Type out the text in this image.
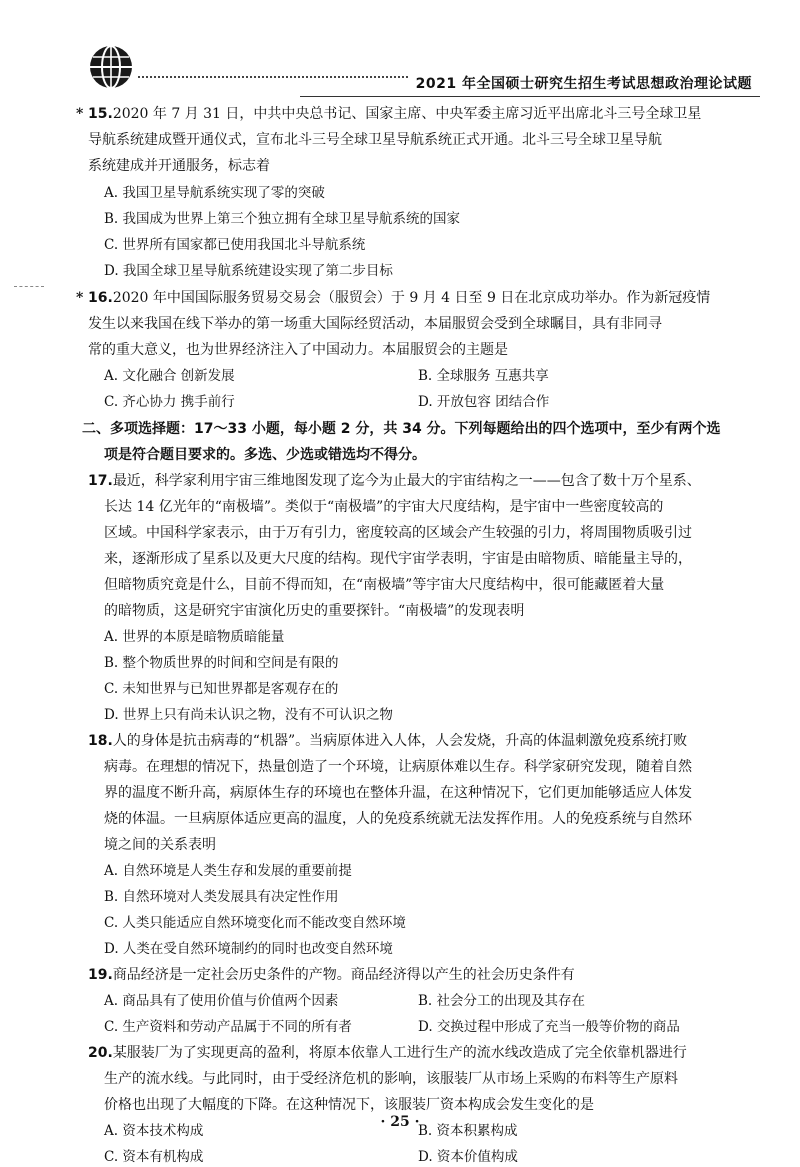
2021 年全国硕士研究生招生考试思想政治理论试题
* 15.2020 年 7 月 31 日，中共中央总书记、国家主席、中央军委主席习近平出席北斗三号全球卫星
导航系统建成暨开通仪式，宣布北斗三号全球卫星导航系统正式开通。北斗三号全球卫星导航
系统建成并开通服务，标志着
A. 我国卫星导航系统实现了零的突破
B. 我国成为世界上第三个独立拥有全球卫星导航系统的国家
C. 世界所有国家都已使用我国北斗导航系统
D. 我国全球卫星导航系统建设实现了第二步目标
* 16.2020 年中国国际服务贸易交易会（服贸会）于 9 月 4 日至 9 日在北京成功举办。作为新冠疫情
发生以来我国在线下举办的第一场重大国际经贸活动，本届服贸会受到全球瞩目，具有非同寻
常的重大意义，也为世界经济注入了中国动力。本届服贸会的主题是
A. 文化融合 创新发展	B. 全球服务 互惠共享
C. 齐心协力 携手前行	D. 开放包容 团结合作
二、多项选择题：17～33 小题，每小题 2 分，共 34 分。下列每题给出的四个选项中，至少有两个选
项是符合题目要求的。多选、少选或错选均不得分。
17.最近，科学家利用宇宙三维地图发现了迄今为止最大的宇宙结构之一——包含了数十万个星系、
长达 14 亿光年的“南极墙”。类似于“南极墙”的宇宙大尺度结构，是宇宙中一些密度较高的
区域。中国科学家表示，由于万有引力，密度较高的区域会产生较强的引力，将周围物质吸引过
来，逐渐形成了星系以及更大尺度的结构。现代宇宙学表明，宇宙是由暗物质、暗能量主导的，
但暗物质究竟是什么，目前不得而知，在“南极墙”等宇宙大尺度结构中，很可能藏匿着大量
的暗物质，这是研究宇宙演化历史的重要探针。“南极墙”的发现表明
A. 世界的本原是暗物质暗能量
B. 整个物质世界的时间和空间是有限的
C. 未知世界与已知世界都是客观存在的
D. 世界上只有尚未认识之物，没有不可认识之物
18.人的身体是抗击病毒的“机器”。当病原体进入人体，人会发烧，升高的体温刺激免疫系统打败
病毒。在理想的情况下，热量创造了一个环境，让病原体难以生存。科学家研究发现，随着自然
界的温度不断升高，病原体生存的环境也在整体升温，在这种情况下，它们更加能够适应人体发
烧的体温。一旦病原体适应更高的温度，人的免疫系统就无法发挥作用。人的免疫系统与自然环
境之间的关系表明
A. 自然环境是人类生存和发展的重要前提
B. 自然环境对人类发展具有决定性作用
C. 人类只能适应自然环境变化而不能改变自然环境
D. 人类在受自然环境制约的同时也改变自然环境
19.商品经济是一定社会历史条件的产物。商品经济得以产生的社会历史条件有
A. 商品具有了使用价值与价值两个因素	B. 社会分工的出现及其存在
C. 生产资料和劳动产品属于不同的所有者	D. 交换过程中形成了充当一般等价物的商品
20.某服装厂为了实现更高的盈利，将原本依靠人工进行生产的流水线改造成了完全依靠机器进行
生产的流水线。与此同时，由于受经济危机的影响，该服装厂从市场上采购的布料等生产原料
价格也出现了大幅度的下降。在这种情况下，该服装厂资本构成会发生变化的是
A. 资本技术构成	B. 资本积累构成
C. 资本有机构成	D. 资本价值构成
· 25 ·
